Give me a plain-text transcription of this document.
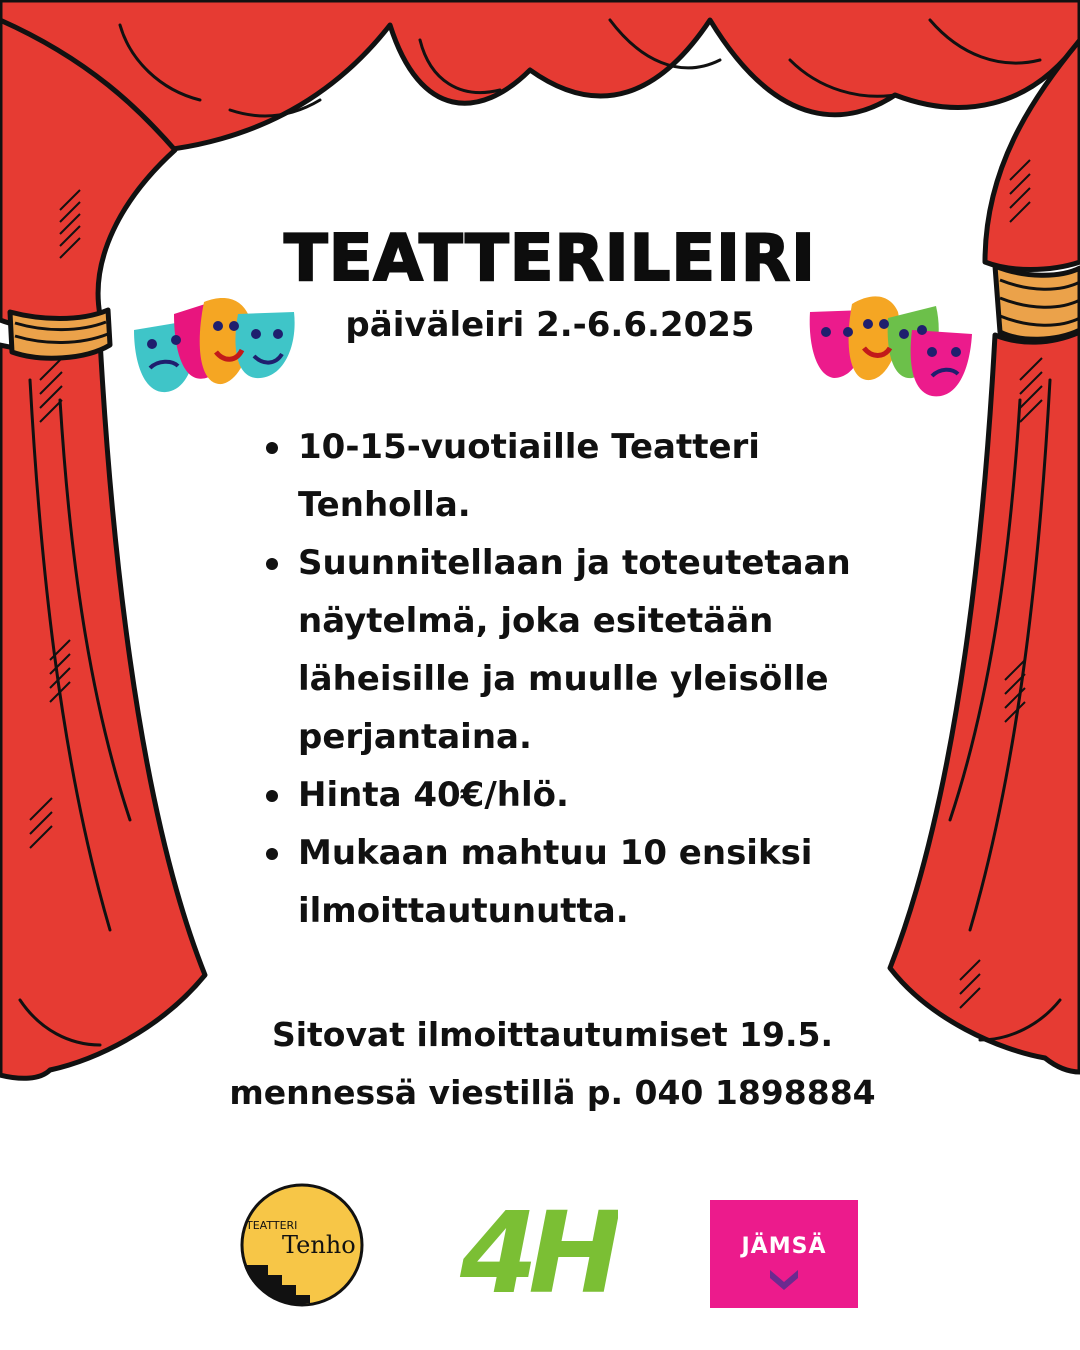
TEATTERILEIRI
päiväleiri 2.-6.6.2025
10-15-vuotiaille Teatteri Tenholla.
Suunnitellaan ja toteutetaan näytelmä, joka esitetään läheisille ja muulle yleisölle perjantaina.
Hinta 40€/hlö.
Mukaan mahtuu 10 ensiksi ilmoittautunutta.
Sitovat ilmoittautumiset 19.5.
mennessä viestillä p. 040 1898884
TEATTERI
Tenho 4H	JÄMSÄ
